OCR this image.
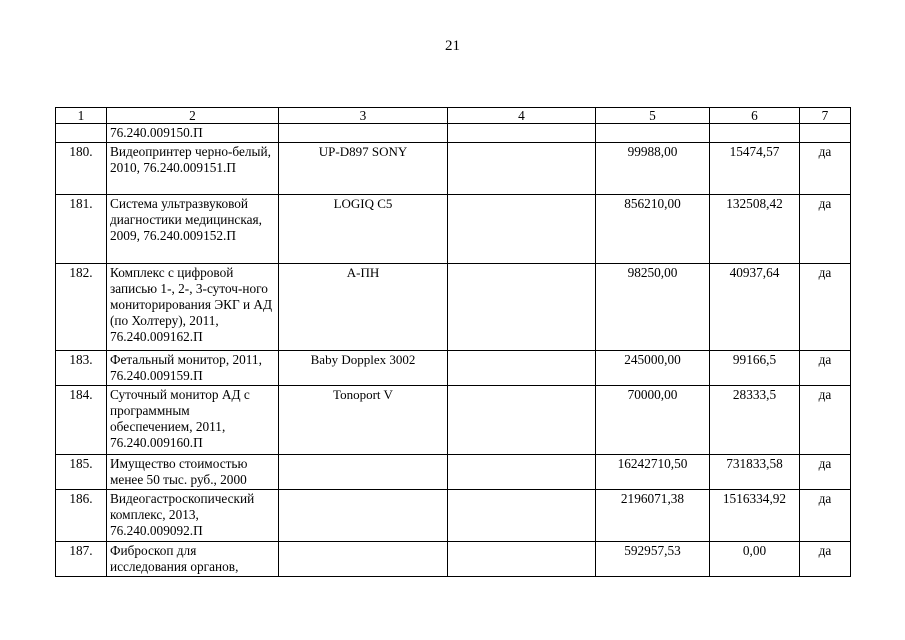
21
1	2	3	4	5	6	7
	76.240.009150.П					
180.	Видеопринтер черно-белый, 2010, 76.240.009151.П	UP-D897 SONY		99988,00	15474,57	да
181.	Система ультразвуковой диагностики медицинская, 2009, 76.240.009152.П	LOGIQ C5		856210,00	132508,42	да
182.	Комплекс с цифровой записью 1-, 2-, 3-суточ-ного мониторирования ЭКГ и АД (по Холтеру), 2011, 76.240.009162.П	А-ПН		98250,00	40937,64	да
183.	Фетальный монитор, 2011, 76.240.009159.П	Baby Dopplex 3002		245000,00	99166,5	да
184.	Суточный монитор АД с программным обеспечением, 2011, 76.240.009160.П	Tonoport V		70000,00	28333,5	да
185.	Имущество стоимостью менее 50 тыс. руб., 2000			16242710,50	731833,58	да
186.	Видеогастроскопический комплекс, 2013, 76.240.009092.П			2196071,38	1516334,92	да
187.	Фиброскоп для исследования органов,			592957,53	0,00	да
